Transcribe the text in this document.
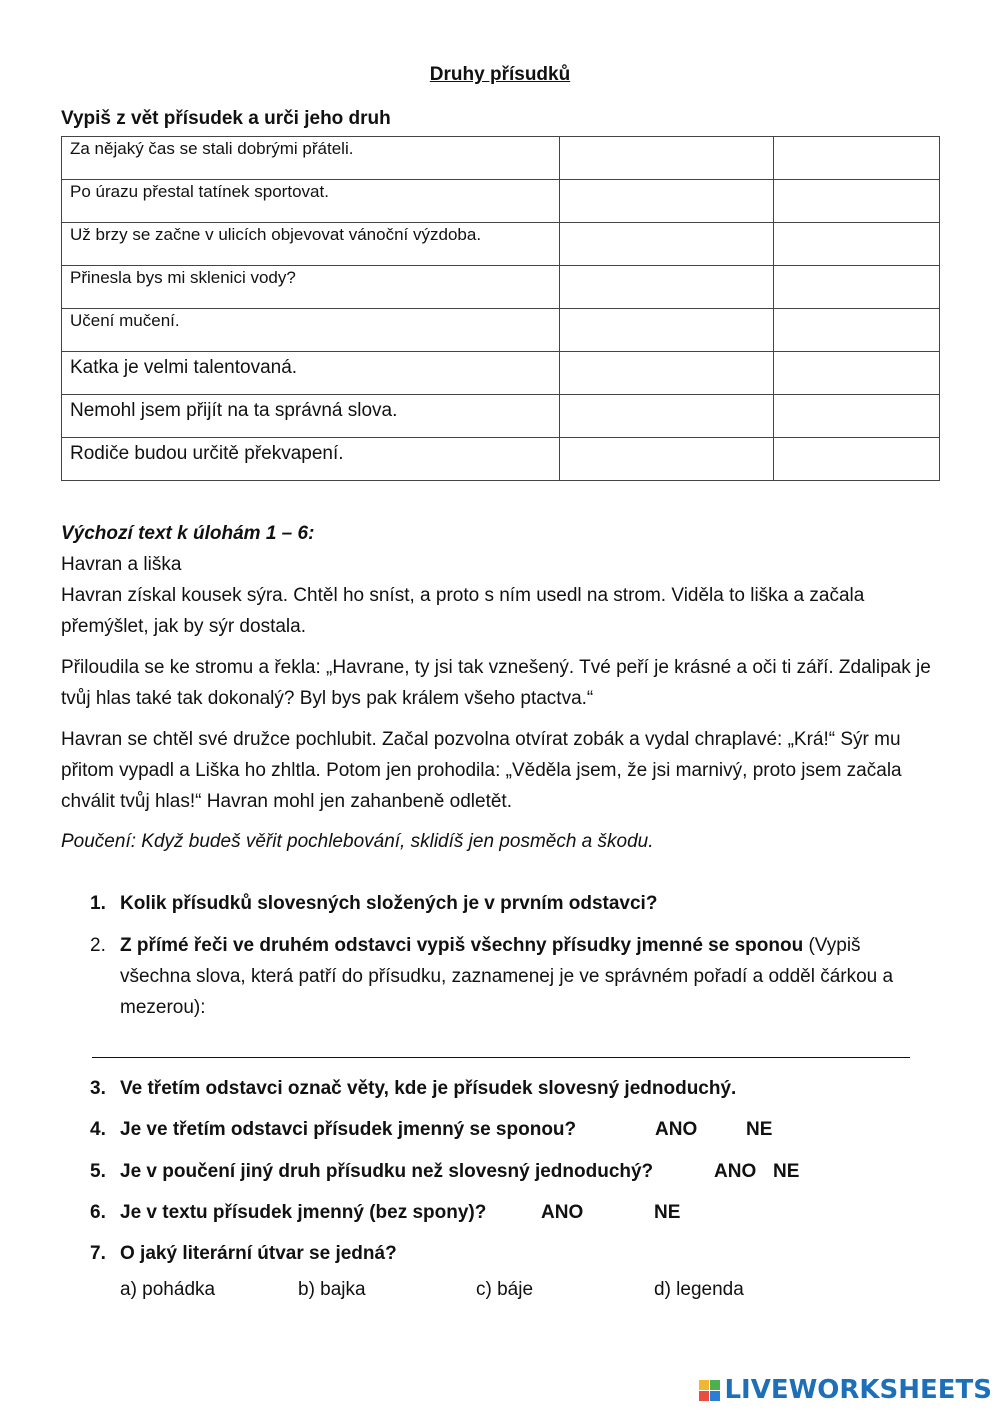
Druhy přísudků
Vypiš z vět přísudek a urči jeho druh
Za nějaký čas se stali dobrými přáteli.		
Po úrazu přestal tatínek sportovat.		
Už brzy se začne v ulicích objevovat vánoční výzdoba.		
Přinesla bys mi sklenici vody?		
Učení mučení.		
Katka je velmi talentovaná.		
Nemohl jsem přijít na ta správná slova.		
Rodiče budou určitě překvapení.		
Výchozí text k úlohám 1 – 6:
Havran a liška
Havran získal kousek sýra. Chtěl ho sníst, a proto s ním usedl na strom. Viděla to liška a začala přemýšlet, jak by sýr dostala.
Přiloudila se ke stromu a řekla: „Havrane, ty jsi tak vznešený. Tvé peří je krásné a oči ti září. Zdalipak je tvůj hlas také tak dokonalý? Byl bys pak králem všeho ptactva.“
Havran se chtěl své družce pochlubit. Začal pozvolna otvírat zobák a vydal chraplavé: „Krá!“ Sýr mu přitom vypadl a Liška ho zhltla. Potom jen prohodila: „Věděla jsem, že jsi marnivý, proto jsem začala chválit tvůj hlas!“ Havran mohl jen zahanbeně odletět.
Poučení: Když budeš věřit pochlebování, sklidíš jen posměch a škodu.
1. Kolik přísudků slovesných složených je v prvním odstavci?
2. Z přímé řeči ve druhém odstavci vypiš všechny přísudky jmenné se sponou (Vypiš všechna slova, která patří do přísudku, zaznamenej je ve správném pořadí a odděl čárkou a mezerou):
3. Ve třetím odstavci označ věty, kde je přísudek slovesný jednoduchý.
4. Je ve třetím odstavci přísudek jmenný se sponou?	ANO	NE
5. Je v poučení jiný druh přísudku než slovesný jednoduchý?	ANO NE
6. Je v textu přísudek jmenný (bez spony)?	ANO	NE
7. O jaký literární útvar se jedná?
a) pohádka	b) bajka	c) báje	d) legenda
LIVEWORKSHEETS
